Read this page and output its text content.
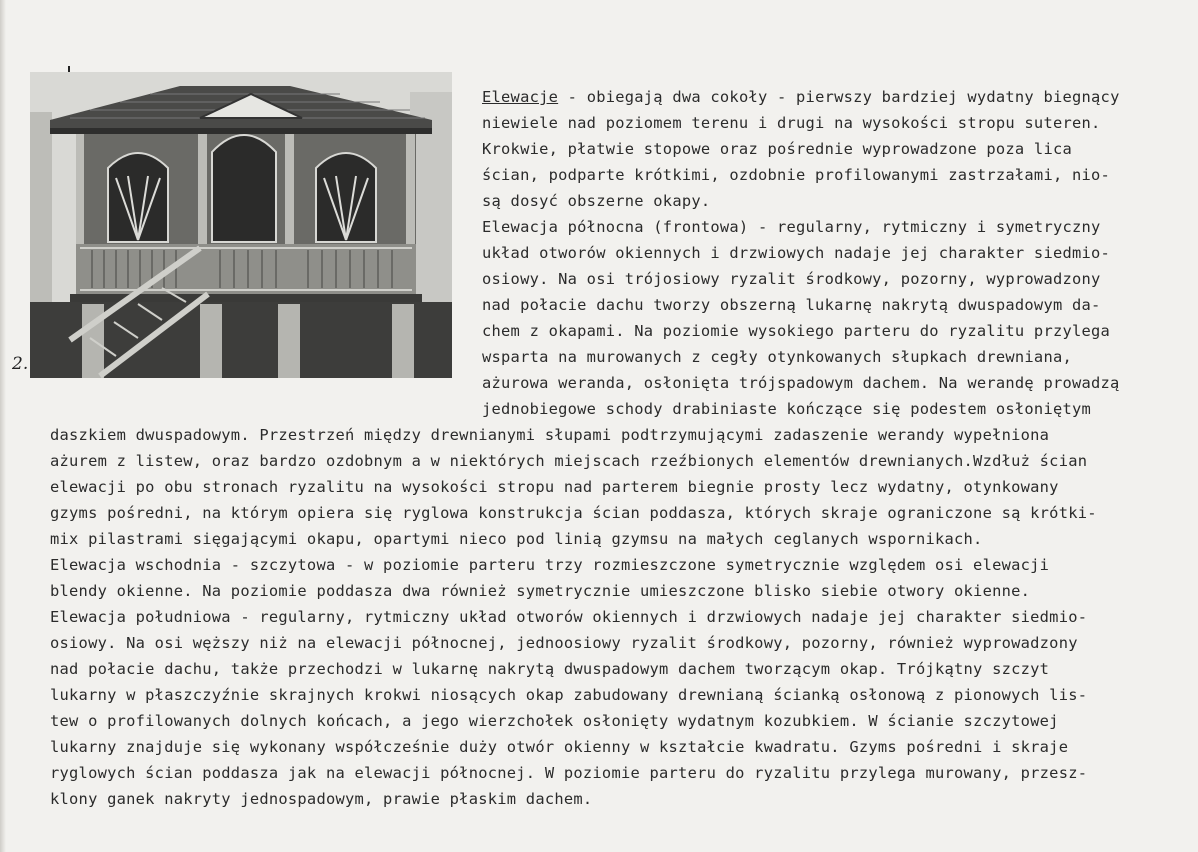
2.
Elewacje - obiegają dwa cokoły - pierwszy bardziej wydatny biegnący
niewiele nad poziomem terenu i drugi na wysokości stropu suteren.
Krokwie, płatwie stopowe oraz pośrednie wyprowadzone poza lica
ścian, podparte krótkimi, ozdobnie profilowanymi zastrzałami, nio-
są dosyć obszerne okapy.
Elewacja północna (frontowa) - regularny, rytmiczny i symetryczny
układ otworów okiennych i drzwiowych nadaje jej charakter siedmio-
osiowy. Na osi trójosiowy ryzalit środkowy, pozorny, wyprowadzony
nad połacie dachu tworzy obszerną lukarnę nakrytą dwuspadowym da-
chem z okapami. Na poziomie wysokiego parteru do ryzalitu przylega
wsparta na murowanych z cegły otynkowanych słupkach drewniana,
ażurowa weranda, osłonięta trójspadowym dachem. Na werandę prowadzą
jednobiegowe schody drabiniaste kończące się podestem osłoniętym
daszkiem dwuspadowym. Przestrzeń między drewnianymi słupami podtrzymującymi zadaszenie werandy wypełniona
ażurem z listew, oraz bardzo ozdobnym a w niektórych miejscach rzeźbionych elementów drewnianych.Wzdłuż ścian
elewacji po obu stronach ryzalitu na wysokości stropu nad parterem biegnie prosty lecz wydatny, otynkowany
gzyms pośredni, na którym opiera się ryglowa konstrukcja ścian poddasza, których skraje ograniczone są krótki-
mix pilastrami sięgającymi okapu, opartymi nieco pod linią gzymsu na małych ceglanych wspornikach.
Elewacja wschodnia - szczytowa - w poziomie parteru trzy rozmieszczone symetrycznie względem osi elewacji
blendy okienne. Na poziomie poddasza dwa również symetrycznie umieszczone blisko siebie otwory okienne.
Elewacja południowa - regularny, rytmiczny układ otworów okiennych i drzwiowych nadaje jej charakter siedmio-
osiowy. Na osi węższy niż na elewacji północnej, jednoosiowy ryzalit środkowy, pozorny, również wyprowadzony
nad połacie dachu, także przechodzi w lukarnę nakrytą dwuspadowym dachem tworzącym okap. Trójkątny szczyt
lukarny w płaszczyźnie skrajnych krokwi niosących okap zabudowany drewnianą ścianką osłonową z pionowych lis-
tew o profilowanych dolnych końcach, a jego wierzchołek osłonięty wydatnym kozubkiem. W ścianie szczytowej
lukarny znajduje się wykonany współcześnie duży otwór okienny w kształcie kwadratu. Gzyms pośredni i skraje
ryglowych ścian poddasza jak na elewacji północnej. W poziomie parteru do ryzalitu przylega murowany, przesz-
klony ganek nakryty jednospadowym, prawie płaskim dachem.
